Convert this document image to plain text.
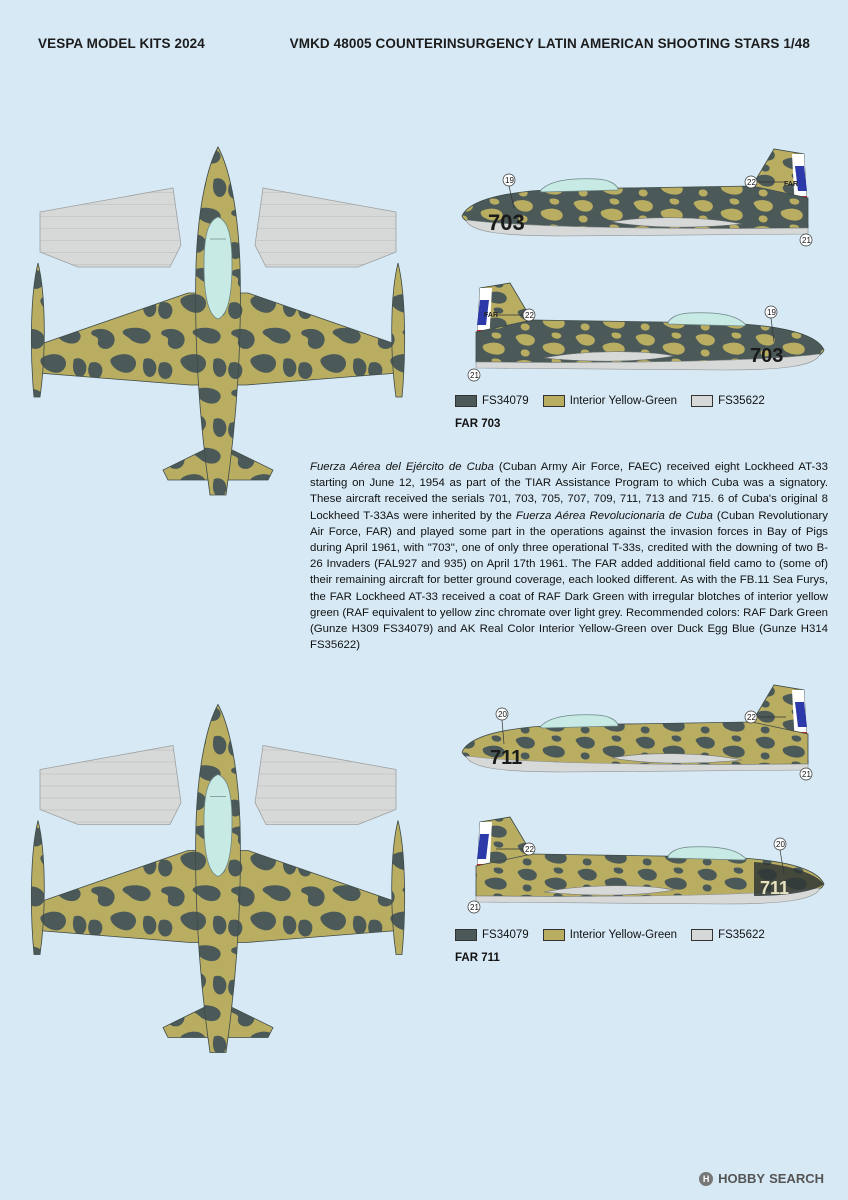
VESPA MODEL KITS 2024	VMKD 48005 COUNTERINSURGENCY LATIN AMERICAN SHOOTING STARS 1/48
703
FAR
19	22
21
703
FAR	22	19
21
FS34079	Interior Yellow-Green	FS35622
FAR 703

Fuerza Aérea del Ejército de Cuba (Cuban Army Air Force, FAEC) received eight Lockheed AT-33 starting on June 12, 1954 as part of the TIAR Assistance Program to which Cuba was a signatory. These aircraft received the serials 701, 703, 705, 707, 709, 711, 713 and 715. 6 of Cuba's original 8 Lockheed T-33As were inherited by the Fuerza Aérea Revolucionaria de Cuba (Cuban Revolutionary Air Force, FAR) and played some part in the operations against the invasion forces in Bay of Pigs during April 1961, with "703", one of only three operational T-33s, credited with the downing of two B-26 Invaders (FAL927 and 935) on April 17th 1961. The FAR added additional field camo to (some of) their remaining aircraft for better ground coverage, each looked different. As with the FB.11 Sea Furys, the FAR Lockheed AT-33 received a coat of RAF Dark Green with irregular blotches of interior yellow green (RAF equivalent to yellow zinc chromate over light grey. Recommended colors: RAF Dark Green (Gunze H309 FS34079) and AK Real Color Interior Yellow-Green over Duck Egg Blue (Gunze H314 FS35622)

711
20	22
21
711
22
20
21
FS34079	Interior Yellow-Green	FS35622
FAR 711
H HOBBY SEARCH
